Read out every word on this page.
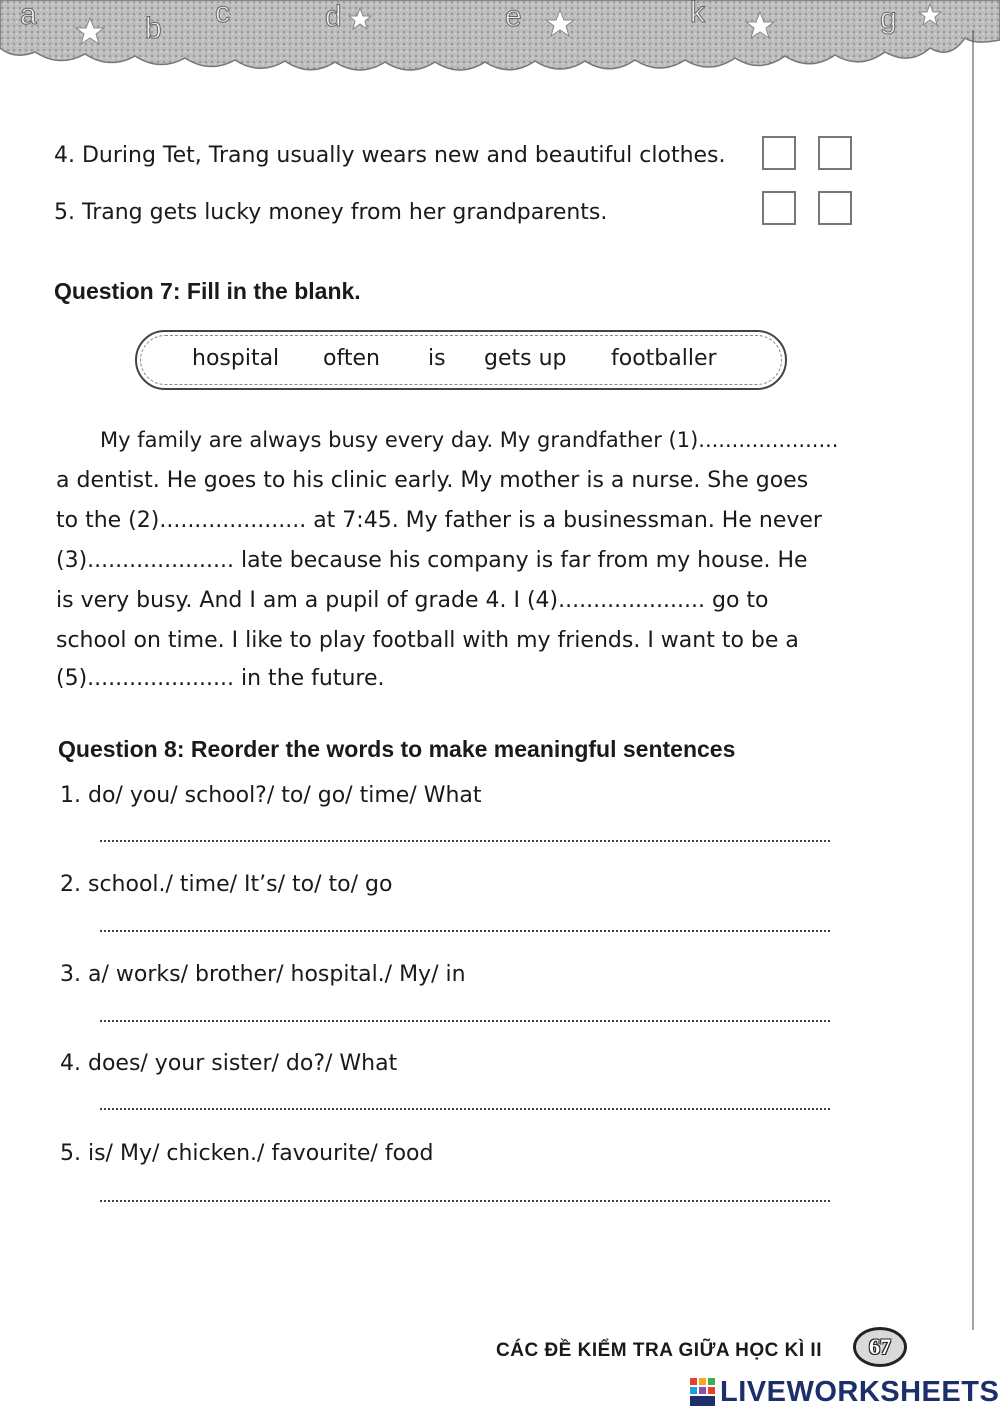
a	b c	d	e	k	g
4. During Tet, Trang usually wears new and beautiful clothes.
5. Trang gets lucky money from her grandparents.
Question 7: Fill in the blank.
hospital often is gets up footballer
My family are always busy every day. My grandfather (1).....................
a dentist. He goes to his clinic early. My mother is a nurse. She goes
to the (2)..................... at 7:45. My father is a businessman. He never
(3)..................... late because his company is far from my house. He
is very busy. And I am a pupil of grade 4. I (4)..................... go to
school on time. I like to play football with my friends. I want to be a
(5)..................... in the future.
Question 8: Reorder the words to make meaningful sentences
1. do/ you/ school?/ to/ go/ time/ What
2. school./ time/ It’s/ to/ to/ go
3. a/ works/ brother/ hospital./ My/ in
4. does/ your sister/ do?/ What
5. is/ My/ chicken./ favourite/ food
CÁC ĐỀ KIỂM TRA GIỮA HỌC KÌ II	67
LIVEWORKSHEETS
